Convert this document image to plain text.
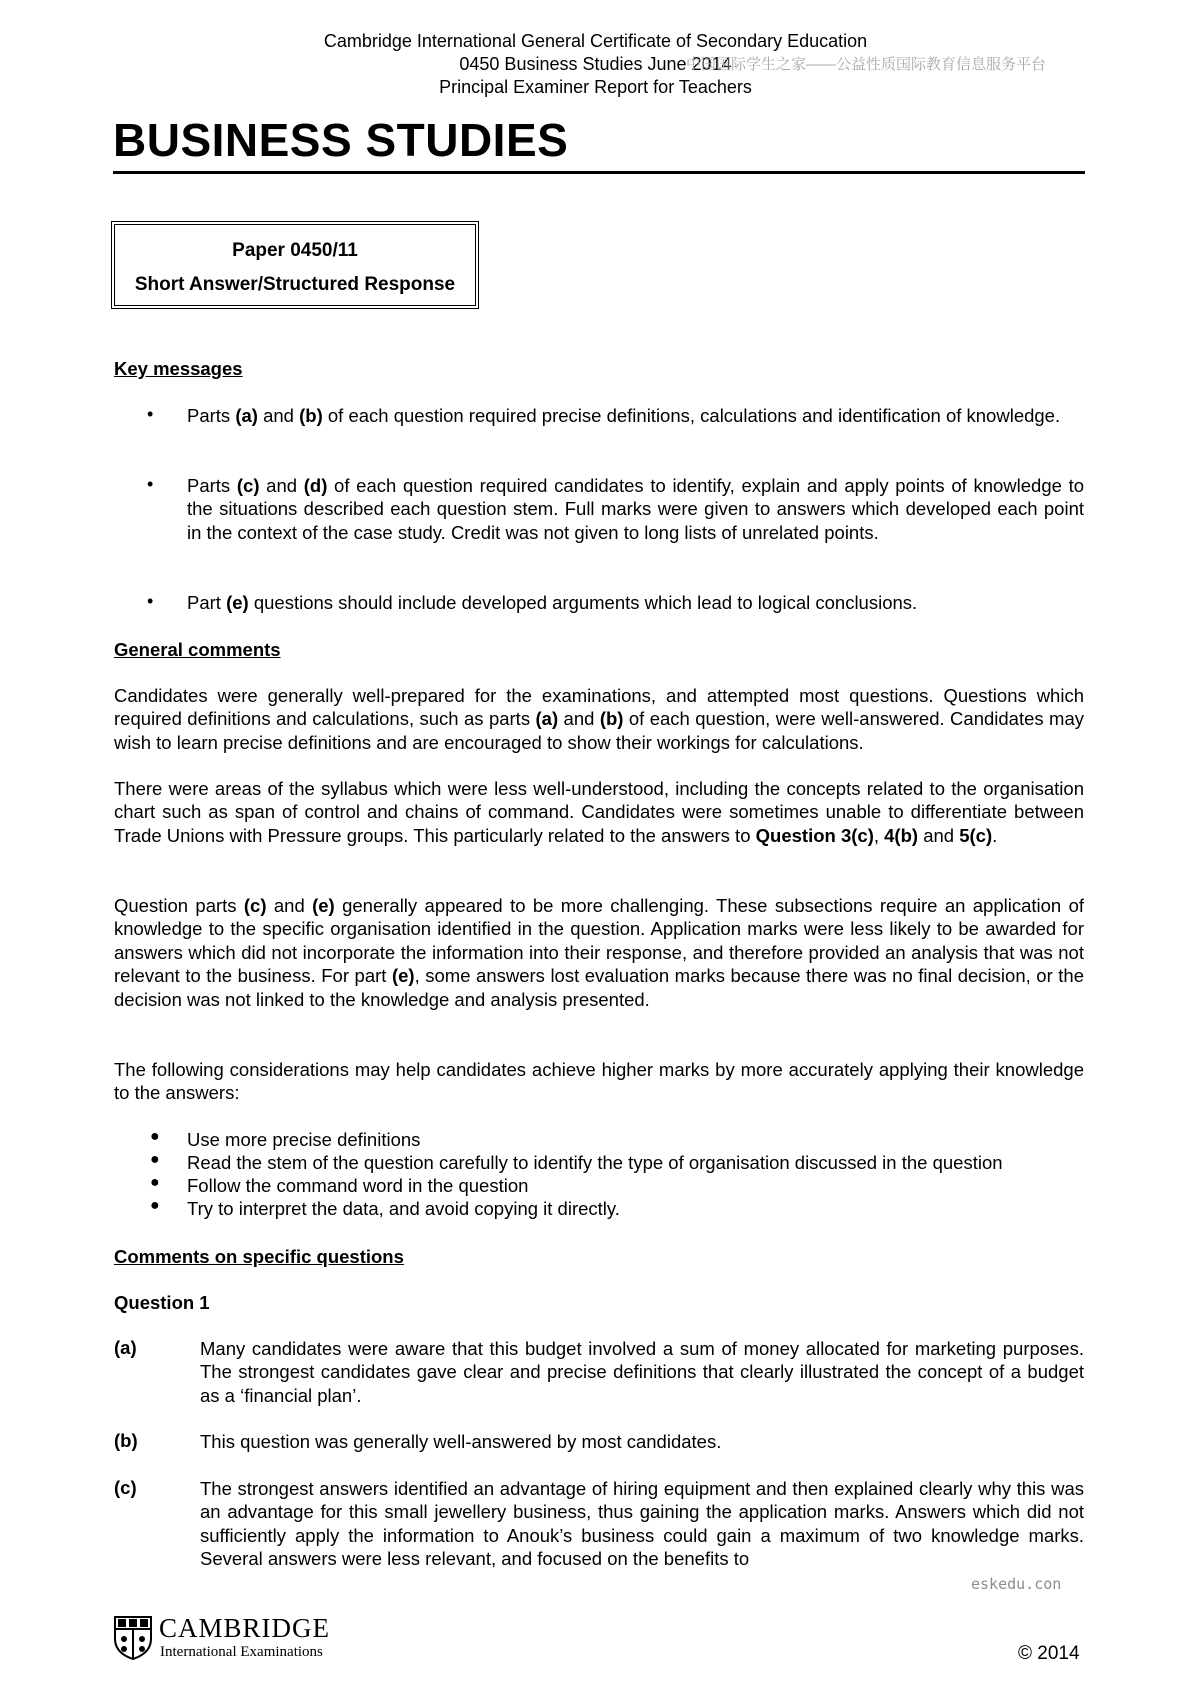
Cambridge International General Certificate of Secondary Education
0450 Business Studies June 2014
Principal Examiner Report for Teachers
中国国际学生之家——公益性质国际教育信息服务平台
BUSINESS STUDIES
Paper 0450/11
Short Answer/Structured Response
Key messages
• Parts (a) and (b) of each question required precise definitions, calculations and identification of knowledge.
• Parts (c) and (d) of each question required candidates to identify, explain and apply points of knowledge to the situations described each question stem. Full marks were given to answers which developed each point in the context of the case study. Credit was not given to long lists of unrelated points.
• Part (e) questions should include developed arguments which lead to logical conclusions.
General comments
Candidates were generally well-prepared for the examinations, and attempted most questions. Questions which required definitions and calculations, such as parts (a) and (b) of each question, were well-answered. Candidates may wish to learn precise definitions and are encouraged to show their workings for calculations.
There were areas of the syllabus which were less well-understood, including the concepts related to the organisation chart such as span of control and chains of command. Candidates were sometimes unable to differentiate between Trade Unions with Pressure groups. This particularly related to the answers to Question 3(c), 4(b) and 5(c).
Question parts (c) and (e) generally appeared to be more challenging. These subsections require an application of knowledge to the specific organisation identified in the question. Application marks were less likely to be awarded for answers which did not incorporate the information into their response, and therefore provided an analysis that was not relevant to the business. For part (e), some answers lost evaluation marks because there was no final decision, or the decision was not linked to the knowledge and analysis presented.
The following considerations may help candidates achieve higher marks by more accurately applying their knowledge to the answers:
● Use more precise definitions
● Read the stem of the question carefully to identify the type of organisation discussed in the question
● Follow the command word in the question
● Try to interpret the data, and avoid copying it directly.
Comments on specific questions
Question 1
(a)	Many candidates were aware that this budget involved a sum of money allocated for marketing purposes. The strongest candidates gave clear and precise definitions that clearly illustrated the concept of a budget as a ‘financial plan’.
(b)	This question was generally well-answered by most candidates.
(c)	The strongest answers identified an advantage of hiring equipment and then explained clearly why this was an advantage for this small jewellery business, thus gaining the application marks. Answers which did not sufficiently apply the information to Anouk’s business could gain a maximum of two knowledge marks. Several answers were less relevant, and focused on the benefits to
eskedu.con
CAMBRIDGE
International Examinations	© 2014
